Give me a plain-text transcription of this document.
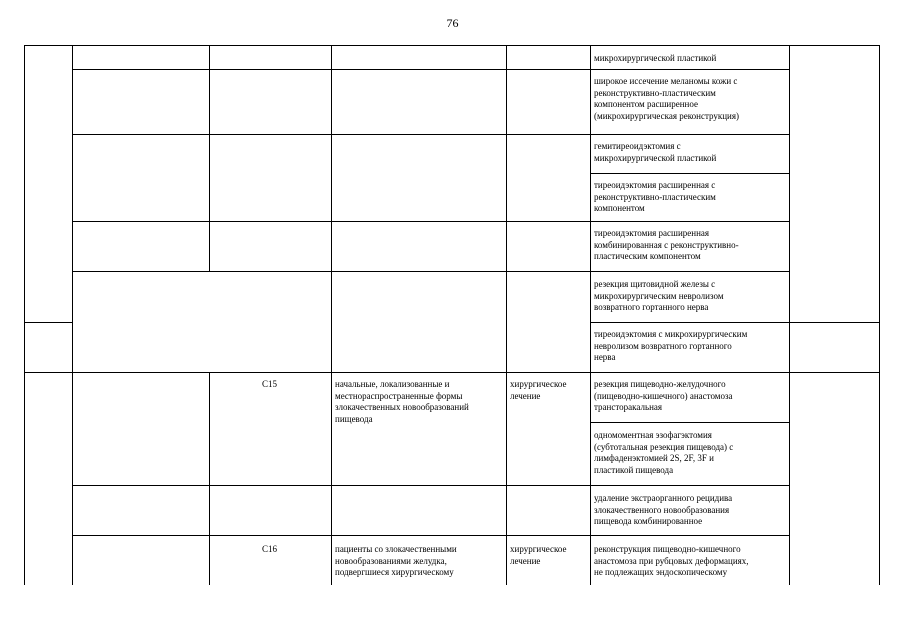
76
микрохирургической пластикой
широкое иссечение меланомы кожи с
реконструктивно-пластическим
компонентом расширенное
(микрохирургическая реконструкция)
гемитиреоидэктомия с
микрохирургической пластикой
тиреоидэктомия расширенная с
реконструктивно-пластическим
компонентом
тиреоидэктомия расширенная
комбинированная с реконструктивно-
пластическим компонентом
резекция щитовидной железы с
микрохирургическим невролизом
возвратного гортанного нерва
тиреоидэктомия с микрохирургическим
невролизом возвратного гортанного
нерва
резекция пищеводно-желудочного
(пищеводно-кишечного) анастомоза
трансторакальная
одномоментная эзофагэктомия
(субтотальная резекция пищевода) с
лимфаденэктомией 2S, 2F, 3F и
пластикой пищевода
удаление экстраорганного рецидива
злокачественного новообразования
пищевода комбинированное
реконструкция пищеводно-кишечного
анастомоза при рубцовых деформациях,
не подлежащих эндоскопическому
C15	начальные, локализованные и
местнораспространенные формы
злокачественных новообразований
пищевода
хирургическое
лечение
C16	пациенты со злокачественными
новообразованиями желудка,
подвергшиеся хирургическому
хирургическое
лечение
